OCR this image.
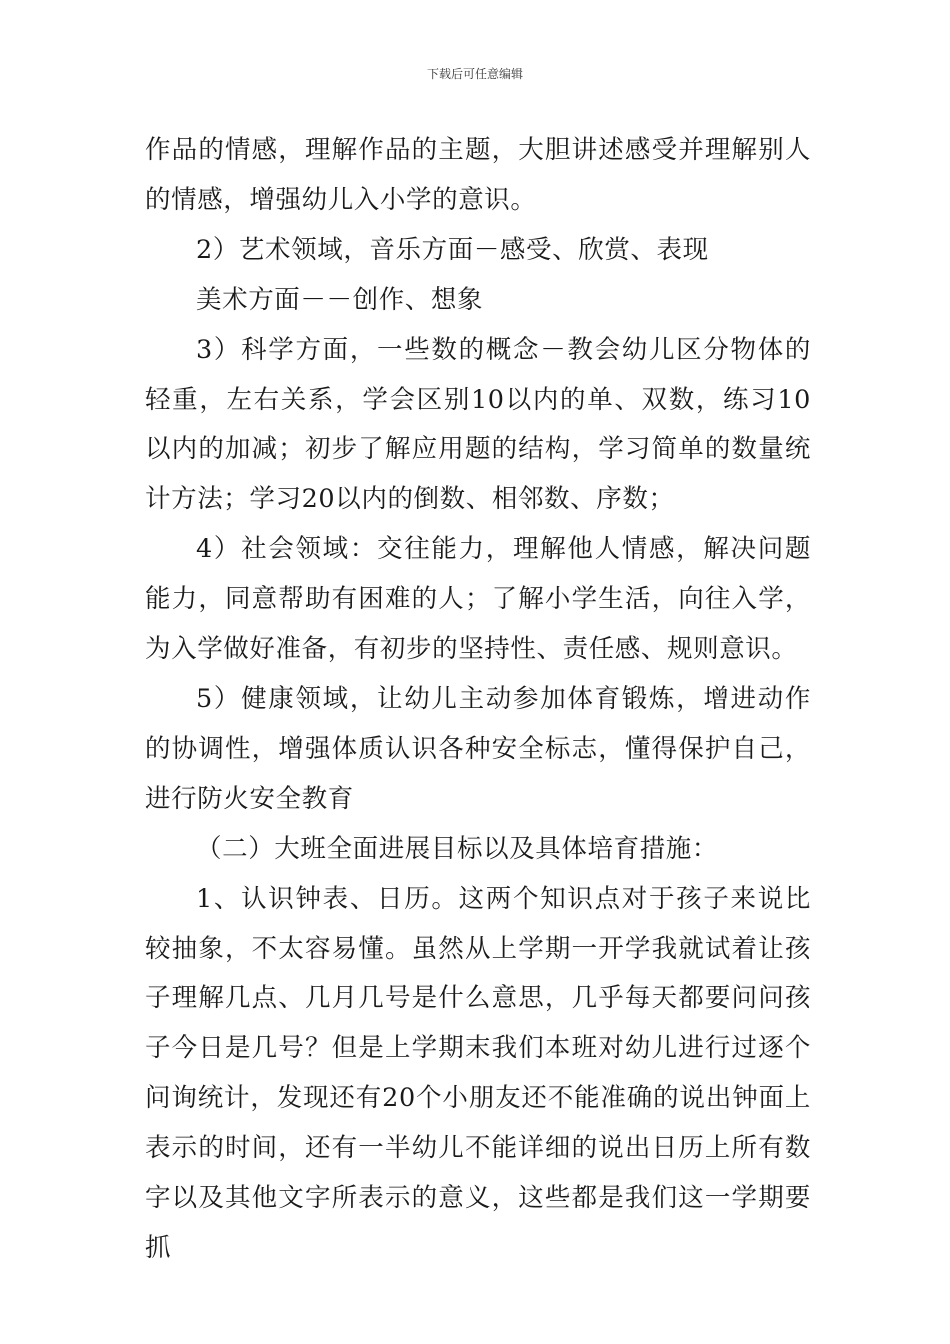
下载后可任意编辑

作品的情感，理解作品的主题，大胆讲述感受并理解别人的情感，增强幼儿入小学的意识。

2）艺术领域，音乐方面－感受、欣赏、表现

美术方面－－创作、想象

3）科学方面，一些数的概念－教会幼儿区分物体的轻重，左右关系，学会区别10以内的单、双数，练习10以内的加减；初步了解应用题的结构，学习简单的数量统计方法；学习20以内的倒数、相邻数、序数；

4）社会领域：交往能力，理解他人情感，解决问题能力，同意帮助有困难的人；了解小学生活，向往入学，为入学做好准备，有初步的坚持性、责任感、规则意识。

5）健康领域，让幼儿主动参加体育锻炼，增进动作的协调性，增强体质认识各种安全标志，懂得保护自己，进行防火安全教育

（二）大班全面进展目标以及具体培育措施：

1、认识钟表、日历。这两个知识点对于孩子来说比较抽象，不太容易懂。虽然从上学期一开学我就试着让孩子理解几点、几月几号是什么意思，几乎每天都要问问孩子今日是几号？但是上学期末我们本班对幼儿进行过逐个问询统计，发现还有20个小朋友还不能准确的说出钟面上表示的时间，还有一半幼儿不能详细的说出日历上所有数字以及其他文字所表示的意义，这些都是我们这一学期要抓
